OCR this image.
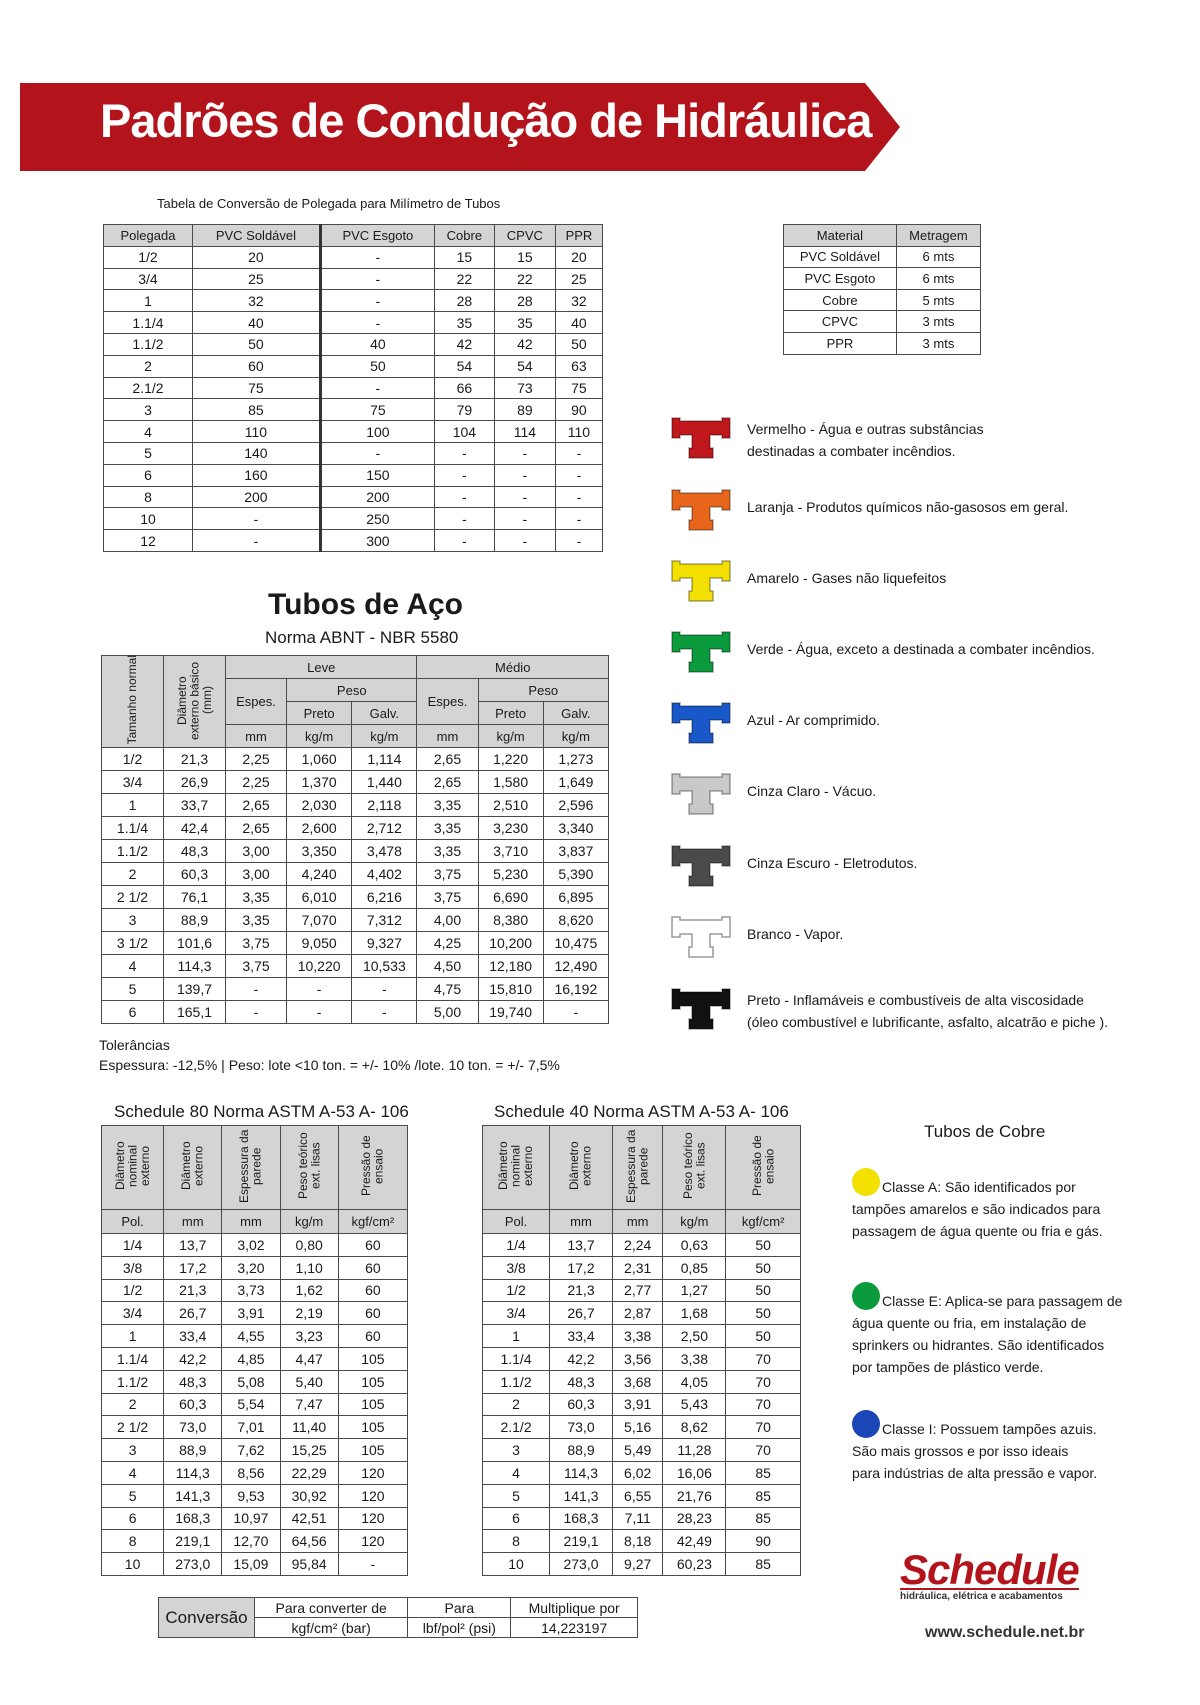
Padrões de Condução de Hidráulica
Tabela de Conversão de Polegada para Milímetro de Tubos
Polegada	PVC Soldável	PVC Esgoto	Cobre	CPVC	PPR
1/2	20	-	15	15	20
3/4	25	-	22	22	25
1	32	-	28	28	32
1.1/4	40	-	35	35	40
1.1/2	50	40	42	42	50
2	60	50	54	54	63
2.1/2	75	-	66	73	75
3	85	75	79	89	90
4	110	100	104	114	110
5	140	-	-	-	-
6	160	150	-	-	-
8	200	200	-	-	-
10	-	250	-	-	-
12	-	300	-	-	-
Material	Metragem
PVC Soldável	6 mts
PVC Esgoto	6 mts
Cobre	5 mts
CPVC	3 mts
PPR	3 mts
Tubos de Aço
Norma ABNT - NBR 5580
Tamanho normal	Diâmetro externo básico (mm)	Leve			Médio		
		Espes.	Peso		Espes.	Peso	
			Preto	Galv.		Preto	Galv.
		mm	kg/m	kg/m	mm	kg/m	kg/m
1/2	21,3	2,25	1,060	1,114	2,65	1,220	1,273
3/4	26,9	2,25	1,370	1,440	2,65	1,580	1,649
1	33,7	2,65	2,030	2,118	3,35	2,510	2,596
1.1/4	42,4	2,65	2,600	2,712	3,35	3,230	3,340
1.1/2	48,3	3,00	3,350	3,478	3,35	3,710	3,837
2	60,3	3,00	4,240	4,402	3,75	5,230	5,390
2 1/2	76,1	3,35	6,010	6,216	3,75	6,690	6,895
3	88,9	3,35	7,070	7,312	4,00	8,380	8,620
3 1/2	101,6	3,75	9,050	9,327	4,25	10,200	10,475
4	114,3	3,75	10,220	10,533	4,50	12,180	12,490
5	139,7	-	-	-	4,75	15,810	16,192
6	165,1	-	-	-	5,00	19,740	-
Tolerâncias
Espessura: -12,5% | Peso: lote <10 ton. = +/- 10% /lote. 10 ton. = +/- 7,5%
Schedule 80 Norma ASTM A-53 A- 106
Diâmetro nominal externo	Diâmetro externo	Espessura da parede	Peso teórico ext. lisas	Pressão de ensaio
Pol.	mm	mm	kg/m	kgf/cm²
1/4	13,7	3,02	0,80	60
3/8	17,2	3,20	1,10	60
1/2	21,3	3,73	1,62	60
3/4	26,7	3,91	2,19	60
1	33,4	4,55	3,23	60
1.1/4	42,2	4,85	4,47	105
1.1/2	48,3	5,08	5,40	105
2	60,3	5,54	7,47	105
2 1/2	73,0	7,01	11,40	105
3	88,9	7,62	15,25	105
4	114,3	8,56	22,29	120
5	141,3	9,53	30,92	120
6	168,3	10,97	42,51	120
8	219,1	12,70	64,56	120
10	273,0	15,09	95,84	-
Schedule 40 Norma ASTM A-53 A- 106
Diâmetro nominal externo	Diâmetro externo	Espessura da parede	Peso teórico ext. lisas	Pressão de ensaio
Pol.	mm	mm	kg/m	kgf/cm²
1/4	13,7	2,24	0,63	50
3/8	17,2	2,31	0,85	50
1/2	21,3	2,77	1,27	50
3/4	26,7	2,87	1,68	50
1	33,4	3,38	2,50	50
1.1/4	42,2	3,56	3,38	70
1.1/2	48,3	3,68	4,05	70
2	60,3	3,91	5,43	70
2.1/2	73,0	5,16	8,62	70
3	88,9	5,49	11,28	70
4	114,3	6,02	16,06	85
5	141,3	6,55	21,76	85
6	168,3	7,11	28,23	85
8	219,1	8,18	42,49	90
10	273,0	9,27	60,23	85
Vermelho - Água e outras substâncias
destinadas a combater incêndios.
Laranja - Produtos químicos não-gasosos em geral.
Amarelo - Gases não liquefeitos
Verde - Água, exceto a destinada a combater incêndios.
Azul - Ar comprimido.
Cinza Claro - Vácuo.
Cinza Escuro - Eletrodutos.
Branco - Vapor.
Preto - Inflamáveis e combustíveis de alta viscosidade
(óleo combustível e lubrificante, asfalto, alcatrão e piche ).
Tubos de Cobre
Classe A: São identificados por
tampões amarelos e são indicados para
passagem de água quente ou fria e gás.
Classe E: Aplica-se para passagem de
água quente ou fria, em instalação de
sprinkers ou hidrantes. São identificados
por tampões de plástico verde.
Classe I: Possuem tampões azuis.
São mais grossos e por isso ideais
para indústrias de alta pressão e vapor.
Conversão	Para converter de	Para	Multiplique por
	kgf/cm² (bar)	lbf/pol² (psi)	14,223197
Schedule
hidráulica, elétrica e acabamentos
www.schedule.net.br
